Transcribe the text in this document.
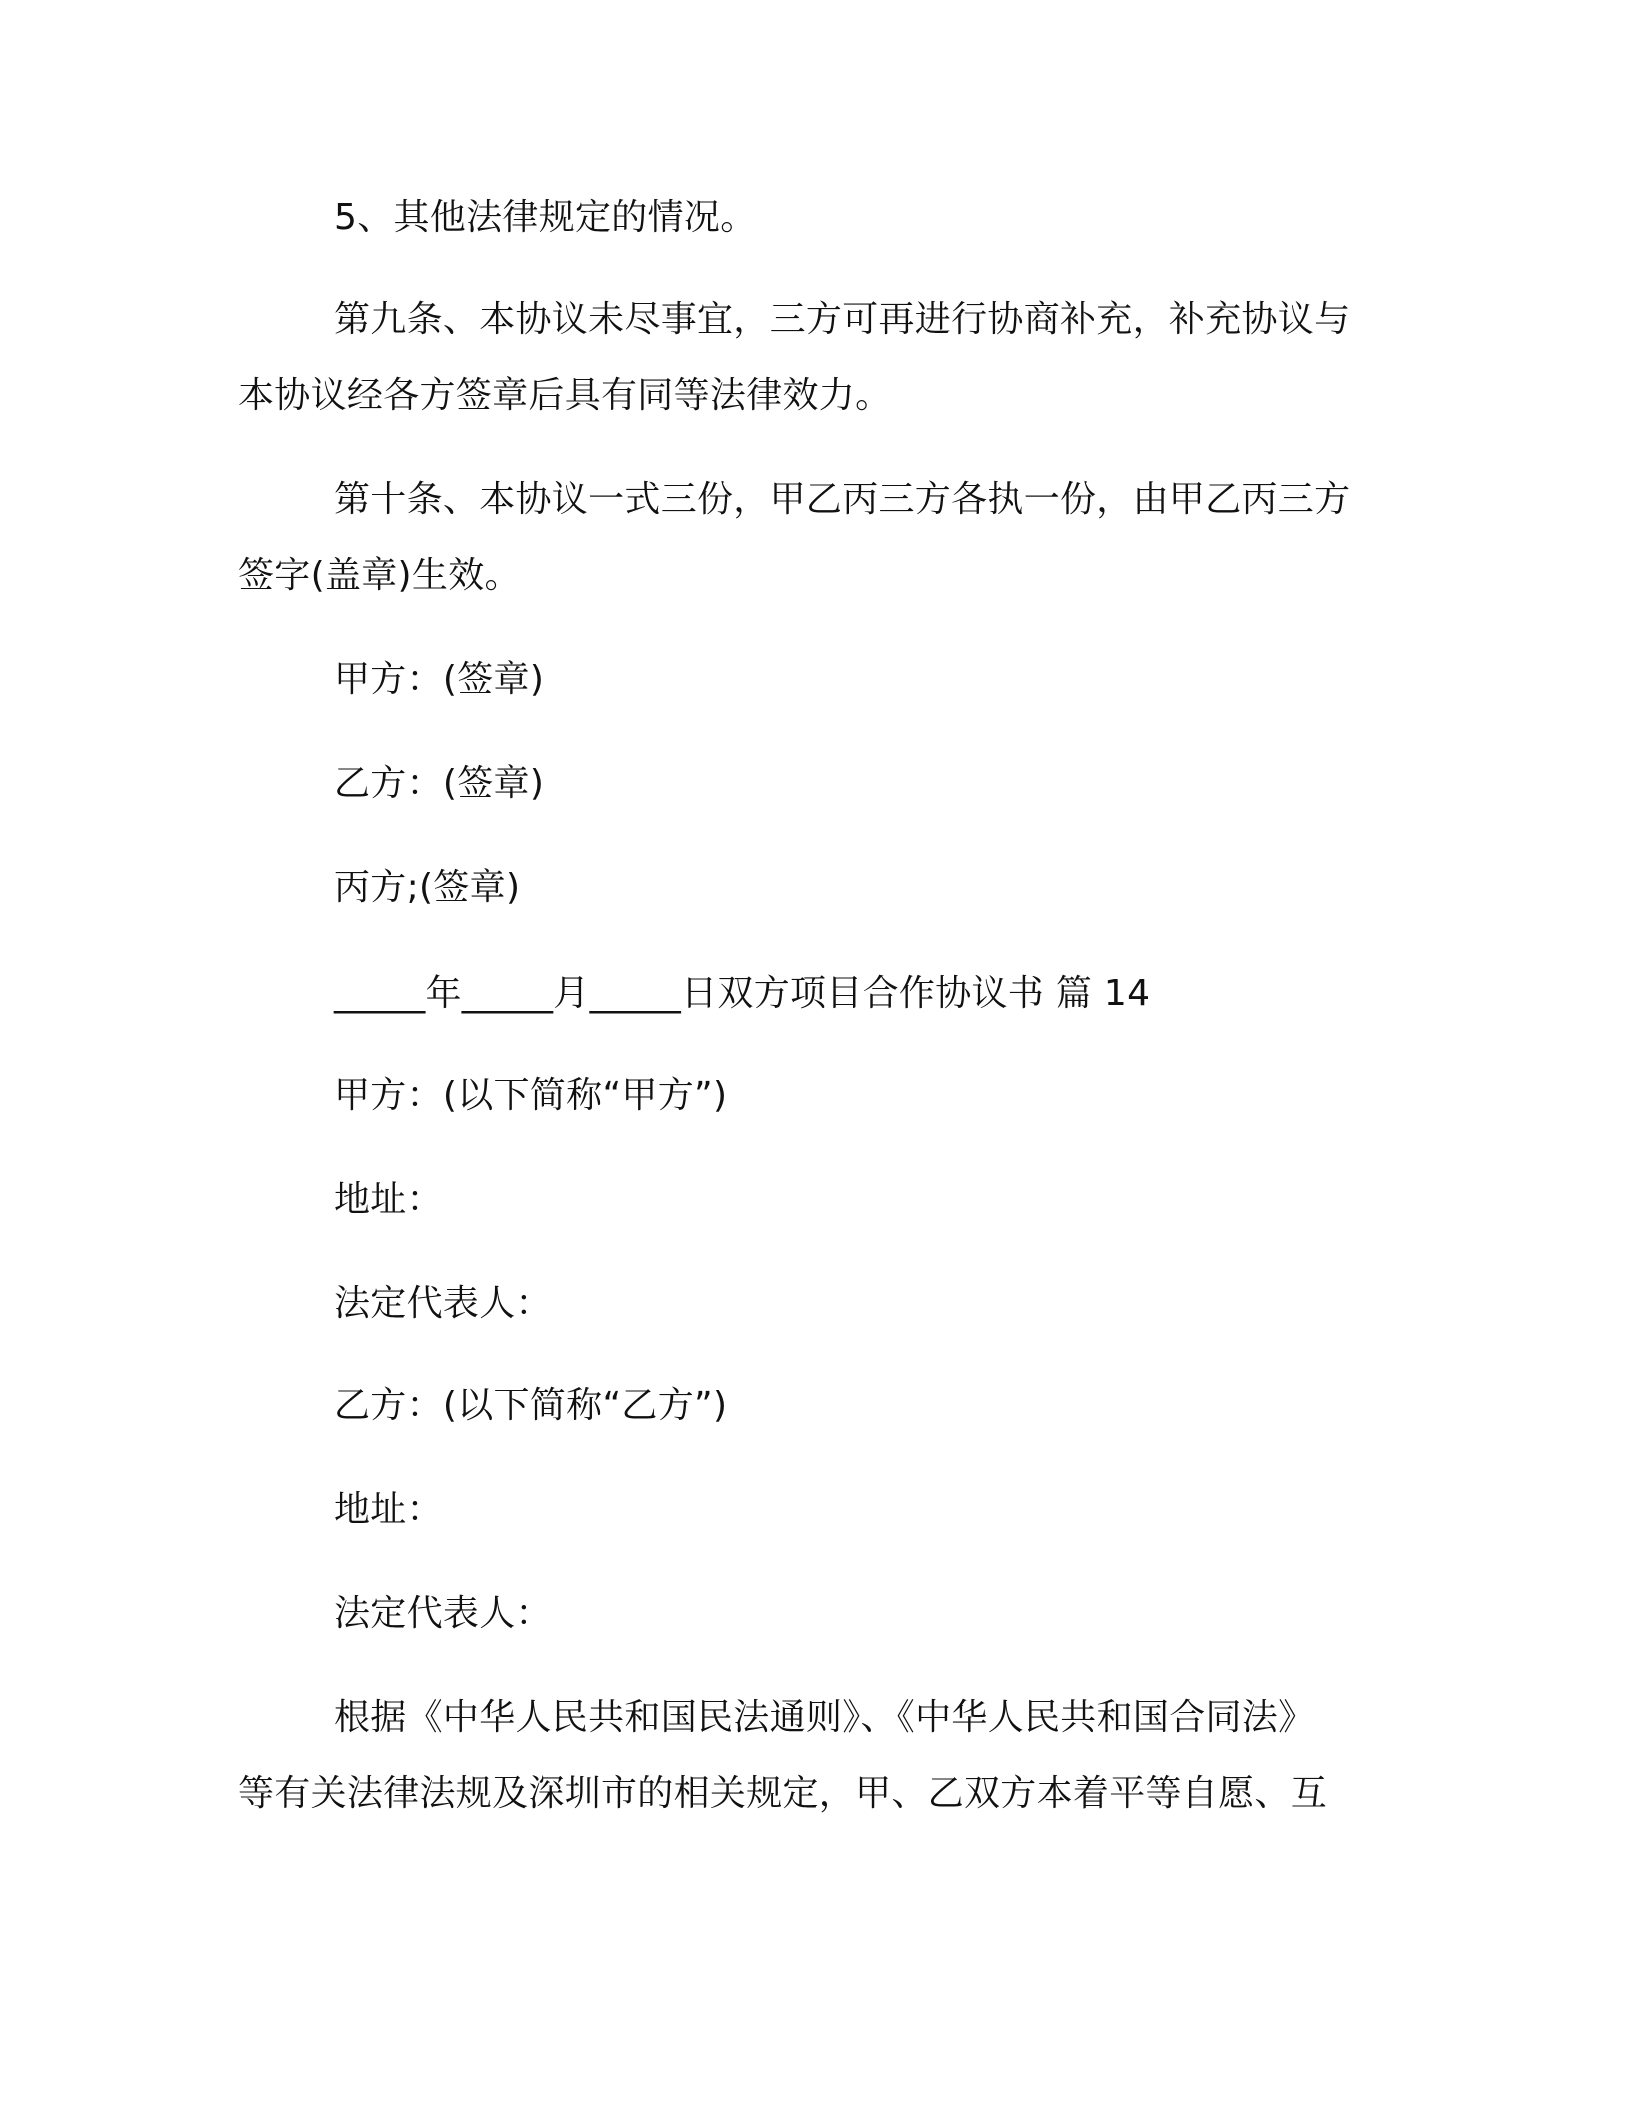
5、其他法律规定的情况。

第九条、本协议未尽事宜，三方可再进行协商补充，补充协议与

本协议经各方签章后具有同等法律效力。

第十条、本协议一式三份，甲乙丙三方各执一份，由甲乙丙三方

签字(盖章)生效。

甲方：(签章)

乙方：(签章)

丙方;(签章)

_____年_____月_____日双方项目合作协议书 篇 14

甲方：(以下简称“甲方”)

地址：

法定代表人：

乙方：(以下简称“乙方”)

地址：

法定代表人：

根据《中华人民共和国民法通则》、《中华人民共和国合同法》

等有关法律法规及深圳市的相关规定，甲、乙双方本着平等自愿、互
